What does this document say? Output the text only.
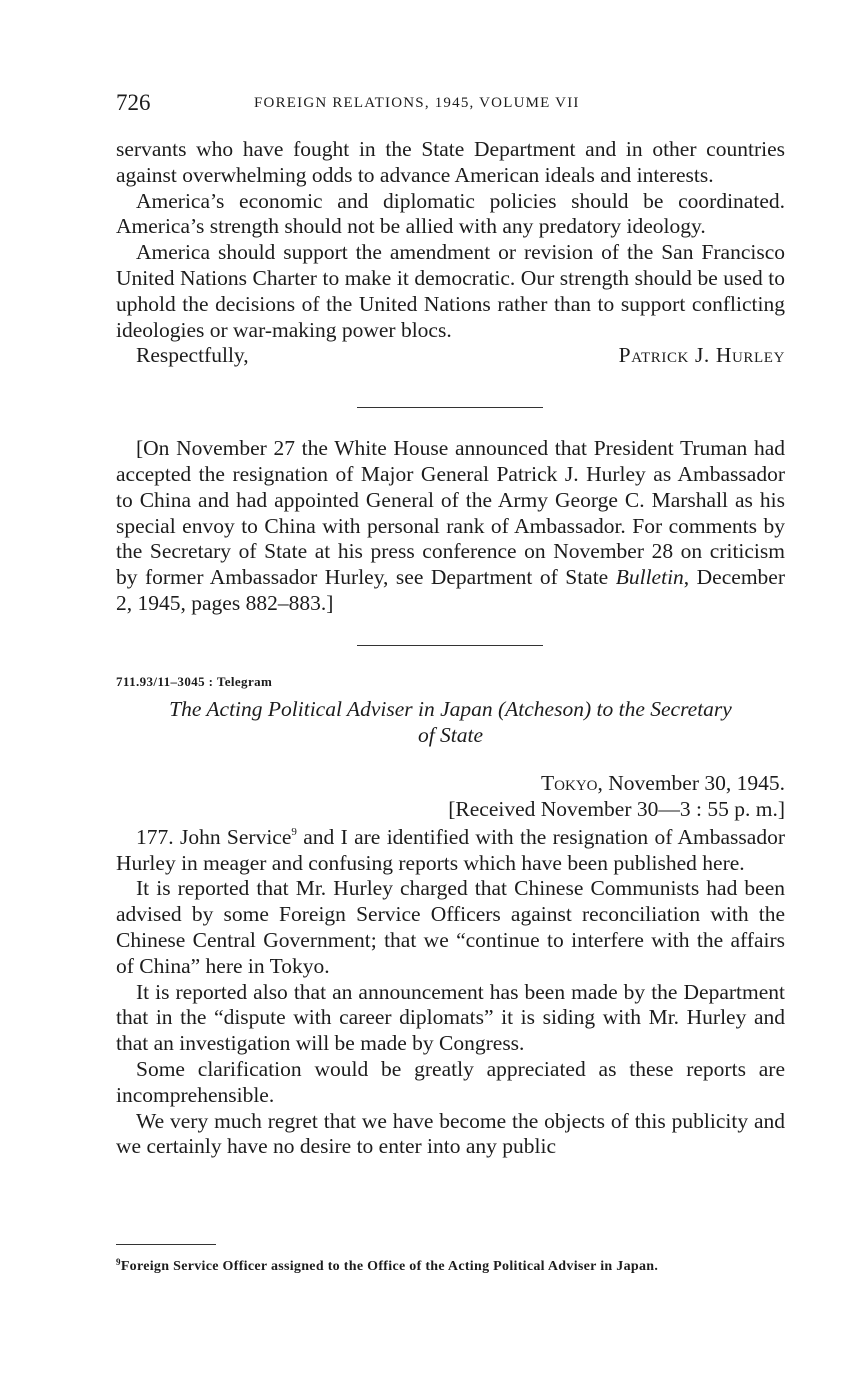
726	FOREIGN RELATIONS, 1945, VOLUME VII

servants who have fought in the State Department and in other countries against overwhelming odds to advance American ideals and interests.

America’s economic and diplomatic policies should be coordinated. America’s strength should not be allied with any predatory ideology.

America should support the amendment or revision of the San Francisco United Nations Charter to make it democratic. Our strength should be used to uphold the decisions of the United Nations rather than to support conflicting ideologies or war-making power blocs.

Respectfully,	Patrick J. Hurley

[On November 27 the White House announced that President Truman had accepted the resignation of Major General Patrick J. Hurley as Ambassador to China and had appointed General of the Army George C. Marshall as his special envoy to China with personal rank of Ambassador. For comments by the Secretary of State at his press conference on November 28 on criticism by former Ambassador Hurley, see Department of State Bulletin, December 2, 1945, pages 882–883.]

711.93/11–3045 : Telegram
The Acting Political Adviser in Japan (Atcheson) to the Secretary
of State
Tokyo, November 30, 1945.
[Received November 30—3 : 55 p. m.]

177. John Service$^9$ and I are identified with the resignation of Ambassador Hurley in meager and confusing reports which have been published here.

It is reported that Mr. Hurley charged that Chinese Communists had been advised by some Foreign Service Officers against reconciliation with the Chinese Central Government; that we “continue to interfere with the affairs of China” here in Tokyo.

It is reported also that an announcement has been made by the Department that in the “dispute with career diplomats” it is siding with Mr. Hurley and that an investigation will be made by Congress.

Some clarification would be greatly appreciated as these reports are incomprehensible.

We very much regret that we have become the objects of this publicity and we certainly have no desire to enter into any public

$^9$Foreign Service Officer assigned to the Office of the Acting Political Adviser in Japan.
